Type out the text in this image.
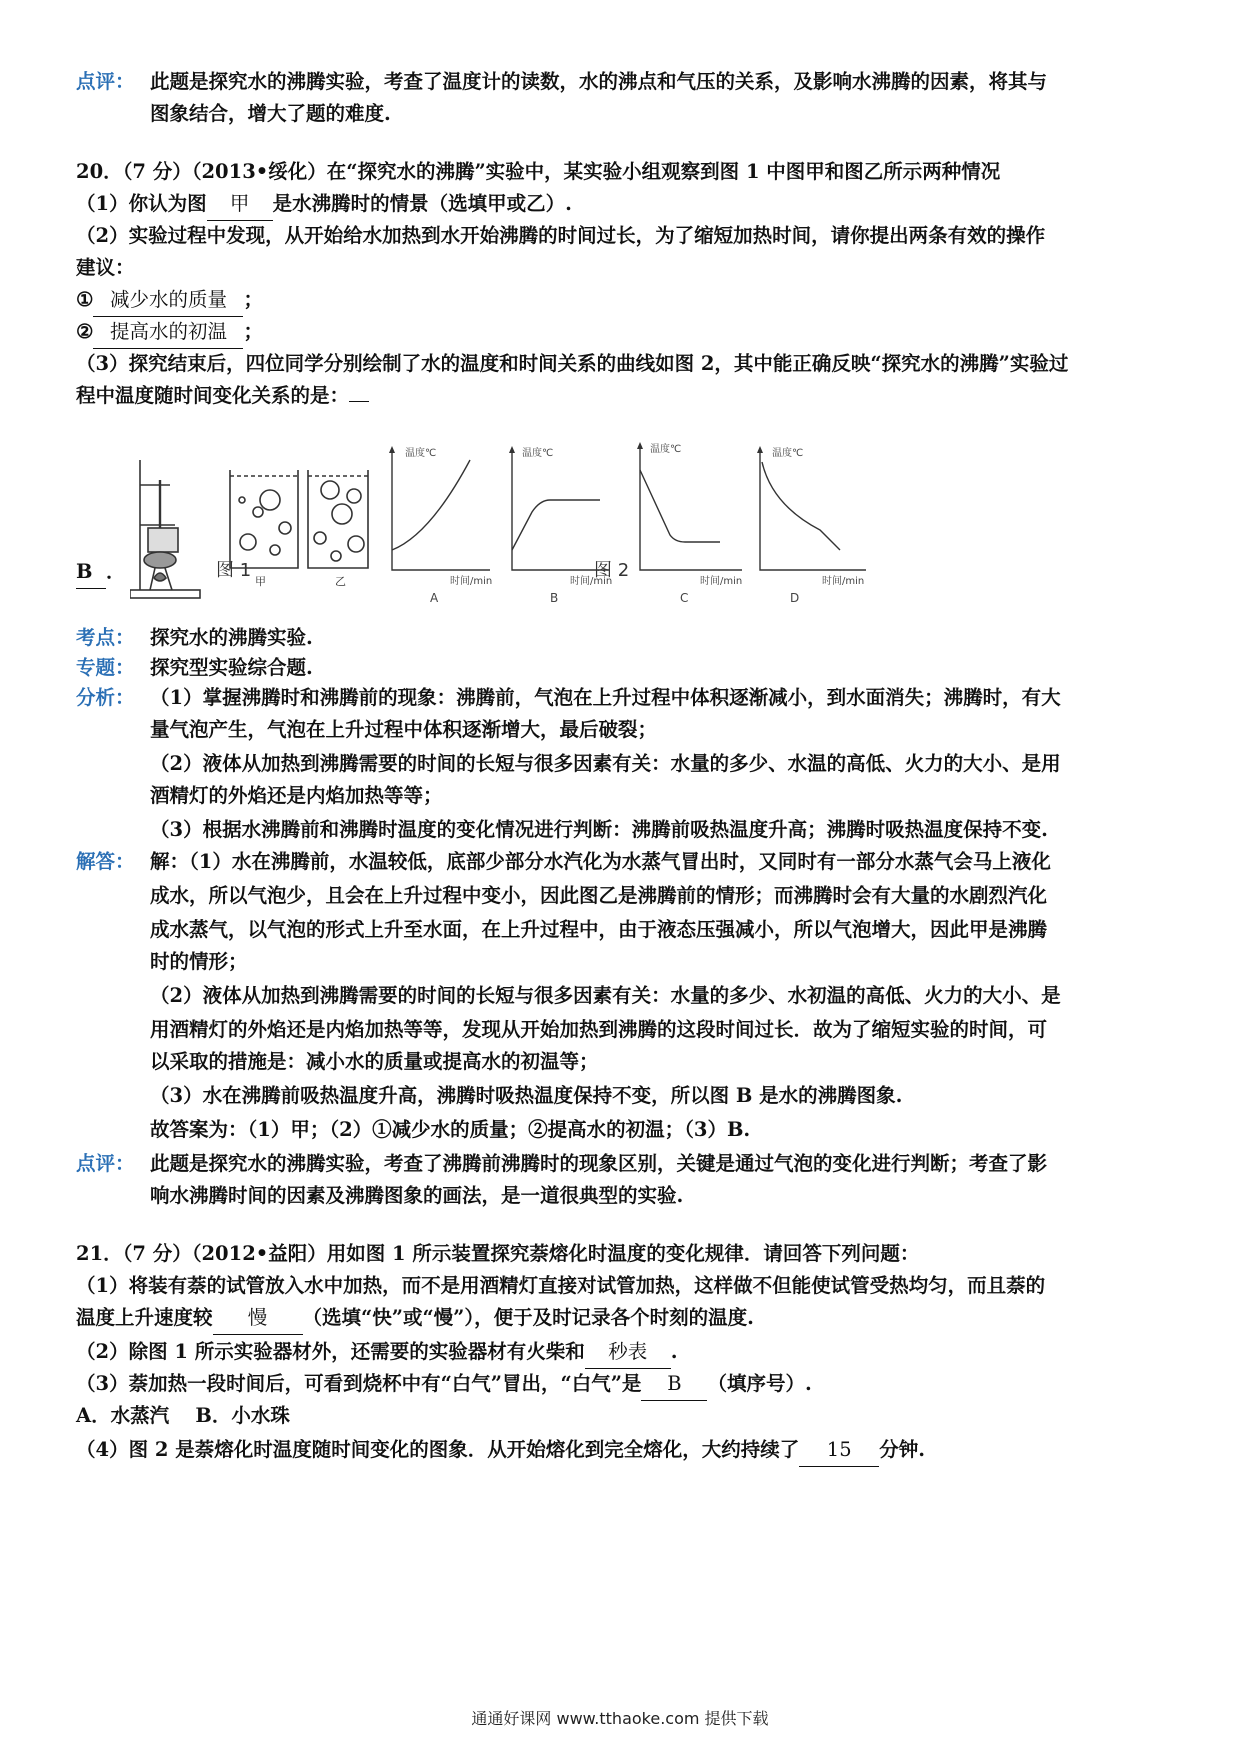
点评： 此题是探究水的沸腾实验，考查了温度计的读数，水的沸点和气压的关系，及影响水沸腾的因素，将其与
图象结合，增大了题的难度.
20．（7 分）（2013•绥化）在“探究水的沸腾”实验中，某实验小组观察到图 1 中图甲和图乙所示两种情况
（1）你认为图 甲 是水沸腾时的情景（选填甲或乙）.
（2）实验过程中发现，从开始给水加热到水开始沸腾的时间过长，为了缩短加热时间，请你提出两条有效的操作
建议：
① 减少水的质量 ；
② 提高水的初温 ；
（3）探究结束后，四位同学分别绘制了水的温度和时间关系的曲线如图 2，其中能正确反映“探究水的沸腾”实验过
程中温度随时间变化关系的是：
甲	乙
温度℃
时间/min
A
温度℃
时间/min
B
温度℃
时间/min
C
温度℃
时间/min
D
B ．	图 1	图 2
考点： 探究水的沸腾实验.
专题： 探究型实验综合题.
分析： （1）掌握沸腾时和沸腾前的现象：沸腾前，气泡在上升过程中体积逐渐减小，到水面消失；沸腾时，有大
量气泡产生，气泡在上升过程中体积逐渐增大，最后破裂；
（2）液体从加热到沸腾需要的时间的长短与很多因素有关：水量的多少、水温的高低、火力的大小、是用
酒精灯的外焰还是内焰加热等等；
（3）根据水沸腾前和沸腾时温度的变化情况进行判断：沸腾前吸热温度升高；沸腾时吸热温度保持不变.
解答： 解：（1）水在沸腾前，水温较低，底部少部分水汽化为水蒸气冒出时，又同时有一部分水蒸气会马上液化
成水，所以气泡少，且会在上升过程中变小，因此图乙是沸腾前的情形；而沸腾时会有大量的水剧烈汽化
成水蒸气，以气泡的形式上升至水面，在上升过程中，由于液态压强减小，所以气泡增大，因此甲是沸腾
时的情形；
（2）液体从加热到沸腾需要的时间的长短与很多因素有关：水量的多少、水初温的高低、火力的大小、是
用酒精灯的外焰还是内焰加热等等，发现从开始加热到沸腾的这段时间过长．故为了缩短实验的时间，可
以采取的措施是：减小水的质量或提高水的初温等；
（3）水在沸腾前吸热温度升高，沸腾时吸热温度保持不变，所以图 B 是水的沸腾图象.
故答案为：（1）甲；（2）①减少水的质量；②提高水的初温；（3）B.
点评： 此题是探究水的沸腾实验，考查了沸腾前沸腾时的现象区别，关键是通过气泡的变化进行判断；考查了影
响水沸腾时间的因素及沸腾图象的画法，是一道很典型的实验.
21．（7 分）（2012•益阳）用如图 1 所示装置探究萘熔化时温度的变化规律．请回答下列问题：
（1）将装有萘的试管放入水中加热，而不是用酒精灯直接对试管加热，这样做不但能使试管受热均匀，而且萘的
温度上升速度较 慢 （选填“快”或“慢”），便于及时记录各个时刻的温度.
（2）除图 1 所示实验器材外，还需要的实验器材有火柴和 秒表 .
（3）萘加热一段时间后，可看到烧杯中有“白气”冒出，“白气”是 B （填序号）.
A．水蒸汽　 B．小水珠
（4）图 2 是萘熔化时温度随时间变化的图象．从开始熔化到完全熔化，大约持续了 15 分钟.
通通好课网 www.tthaoke.com 提供下载
